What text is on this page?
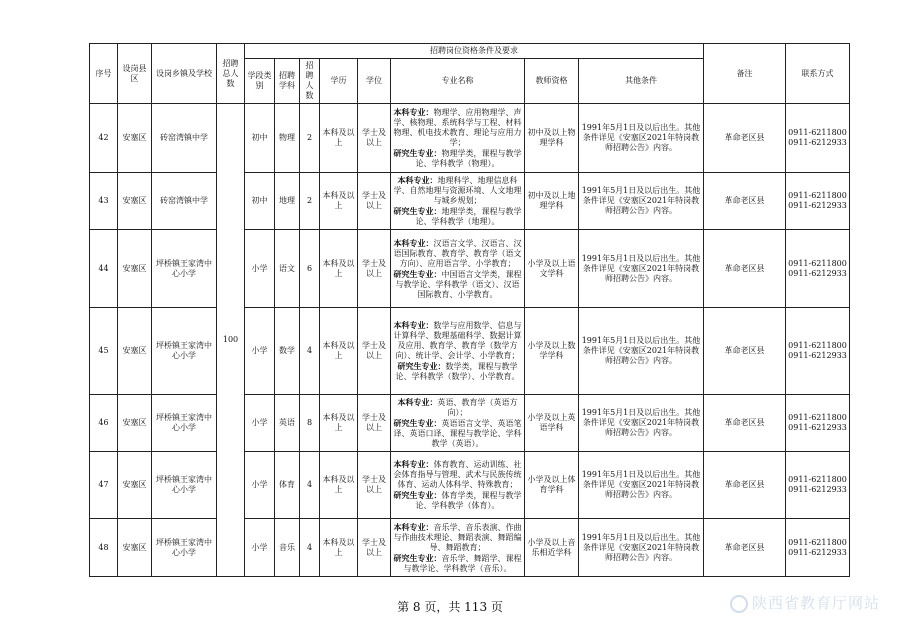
序号	设岗县区	设岗乡镇及学校	招聘总人数	招聘岗位资格条件及要求								备注	联系方式
				学段类别	招聘学科	招聘人数	学历	学位	专业名称	教师资格	其他条件		
42	安塞区	砖窑湾镇中学	100	初中	物理	2	本科及以上	学士及以上	本科专业：物理学、应用物理学、声学、核物理、系统科学与工程、材料物理、机电技术教育、理论与应用力学；
研究生专业：物理学类，课程与教学论、学科教学（物理）。	初中及以上物理学科	1991年5月1日及以后出生。其他条件详见《安塞区2021年特岗教师招聘公告》内容。	革命老区县	0911-6211800 0911-6212933
43	安塞区	砖窑湾镇中学		初中	地理	2	本科及以上	学士及以上	本科专业：地理科学、地理信息科学、自然地理与资源环境、人文地理与城乡规划；
研究生专业：地理学类，课程与教学论、学科教学（地理）。	初中及以上地理学科	1991年5月1日及以后出生。其他条件详见《安塞区2021年特岗教师招聘公告》内容。	革命老区县	0911-6211800 0911-6212933
44	安塞区	坪桥镇王家湾中心小学		小学	语文	6	本科及以上	学士及以上	本科专业：汉语言文学、汉语言、汉语国际教育、教育学、教育学（语文方向）、应用语言学、小学教育；
研究生专业：中国语言文学类，课程与教学论、学科教学（语文）、汉语国际教育、小学教育。	小学及以上语文学科	1991年5月1日及以后出生。其他条件详见《安塞区2021年特岗教师招聘公告》内容。	革命老区县	0911-6211800 0911-6212933
45	安塞区	坪桥镇王家湾中心小学		小学	数学	4	本科及以上	学士及以上	本科专业：数学与应用数学、信息与计算科学、数理基础科学、数据计算及应用、教育学、教育学（数学方向）、统计学、会计学、小学教育；
研究生专业：数学类，课程与教学论、学科教学（数学）、小学教育。	小学及以上数学学科	1991年5月1日及以后出生。其他条件详见《安塞区2021年特岗教师招聘公告》内容。	革命老区县	0911-6211800 0911-6212933
46	安塞区	坪桥镇王家湾中心小学		小学	英语	8	本科及以上	学士及以上	本科专业：英语、教育学（英语方向）；
研究生专业：英语语言文学、英语笔译、英语口译、课程与教学论、学科教学（英语）。	小学及以上英语学科	1991年5月1日及以后出生。其他条件详见《安塞区2021年特岗教师招聘公告》内容。	革命老区县	0911-6211800 0911-6212933
47	安塞区	坪桥镇王家湾中心小学		小学	体育	4	本科及以上	学士及以上	本科专业：体育教育、运动训练、社会体育指导与管理、武术与民族传统体育、运动人体科学、特殊教育；
研究生专业：体育学类，课程与教学论、学科教学（体育）。	小学及以上体育学科	1991年5月1日及以后出生。其他条件详见《安塞区2021年特岗教师招聘公告》内容。	革命老区县	0911-6211800 0911-6212933
48	安塞区	坪桥镇王家湾中心小学		小学	音乐	4	本科及以上	学士及以上	本科专业：音乐学、音乐表演、作曲与作曲技术理论、舞蹈表演、舞蹈编导、舞蹈教育；
研究生专业：音乐学、舞蹈学、课程与教学论、学科教学（音乐）。	小学及以上音乐相近学科	1991年5月1日及以后出生。其他条件详见《安塞区2021年特岗教师招聘公告》内容。	革命老区县	0911-6211800 0911-6212933
第 8 页，共 113 页	陕西省教育厅网站
